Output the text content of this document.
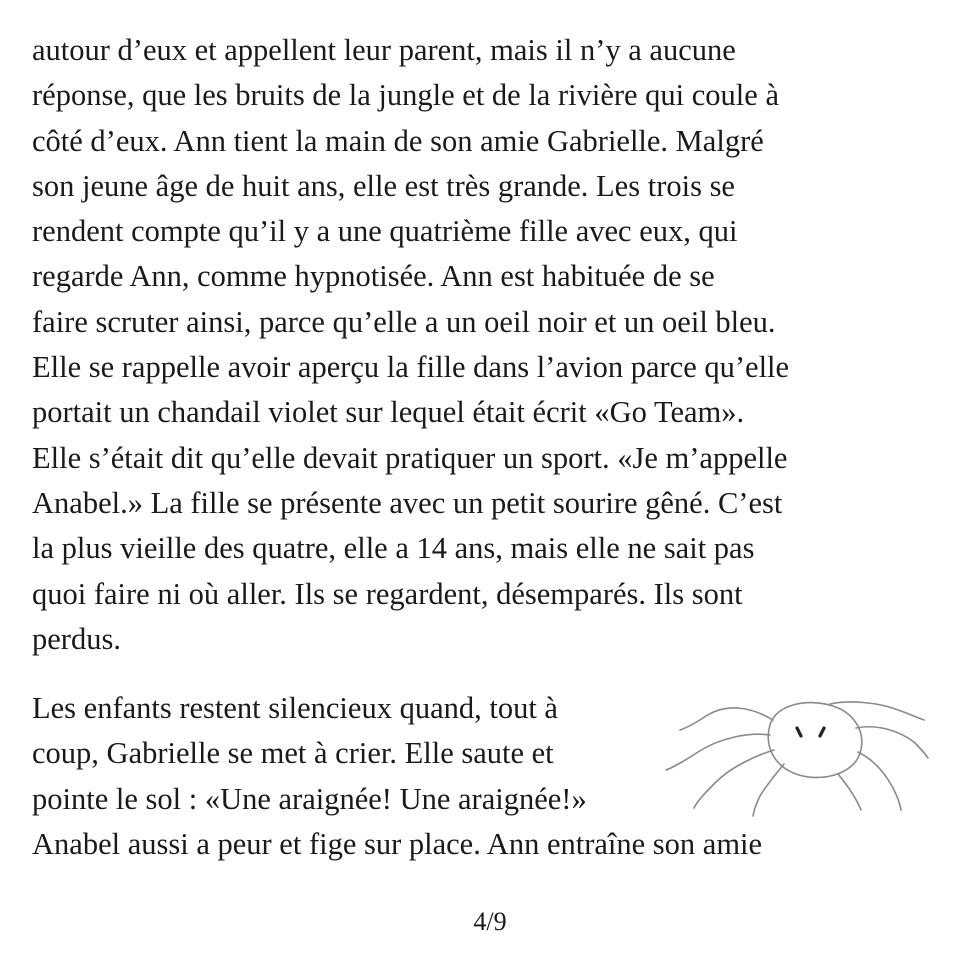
autour d’eux et appellent leur parent, mais il n’y a aucune
réponse, que les bruits de la jungle et de la rivière qui coule à
côté d’eux. Ann tient la main de son amie Gabrielle. Malgré
son jeune âge de huit ans, elle est très grande. Les trois se
rendent compte qu’il y a une quatrième fille avec eux, qui
regarde Ann, comme hypnotisée. Ann est habituée de se
faire scruter ainsi, parce qu’elle a un oeil noir et un oeil bleu.
Elle se rappelle avoir aperçu la fille dans l’avion parce qu’elle
portait un chandail violet sur lequel était écrit «Go Team».
Elle s’était dit qu’elle devait pratiquer un sport. «Je m’appelle
Anabel.» La fille se présente avec un petit sourire gêné. C’est
la plus vieille des quatre, elle a 14 ans, mais elle ne sait pas
quoi faire ni où aller. Ils se regardent, désemparés. Ils sont
perdus.
Les enfants restent silencieux quand, tout à
coup, Gabrielle se met à crier. Elle saute et
pointe le sol : «Une araignée! Une araignée!»
Anabel aussi a peur et fige sur place. Ann entraîne son amie
4/9
